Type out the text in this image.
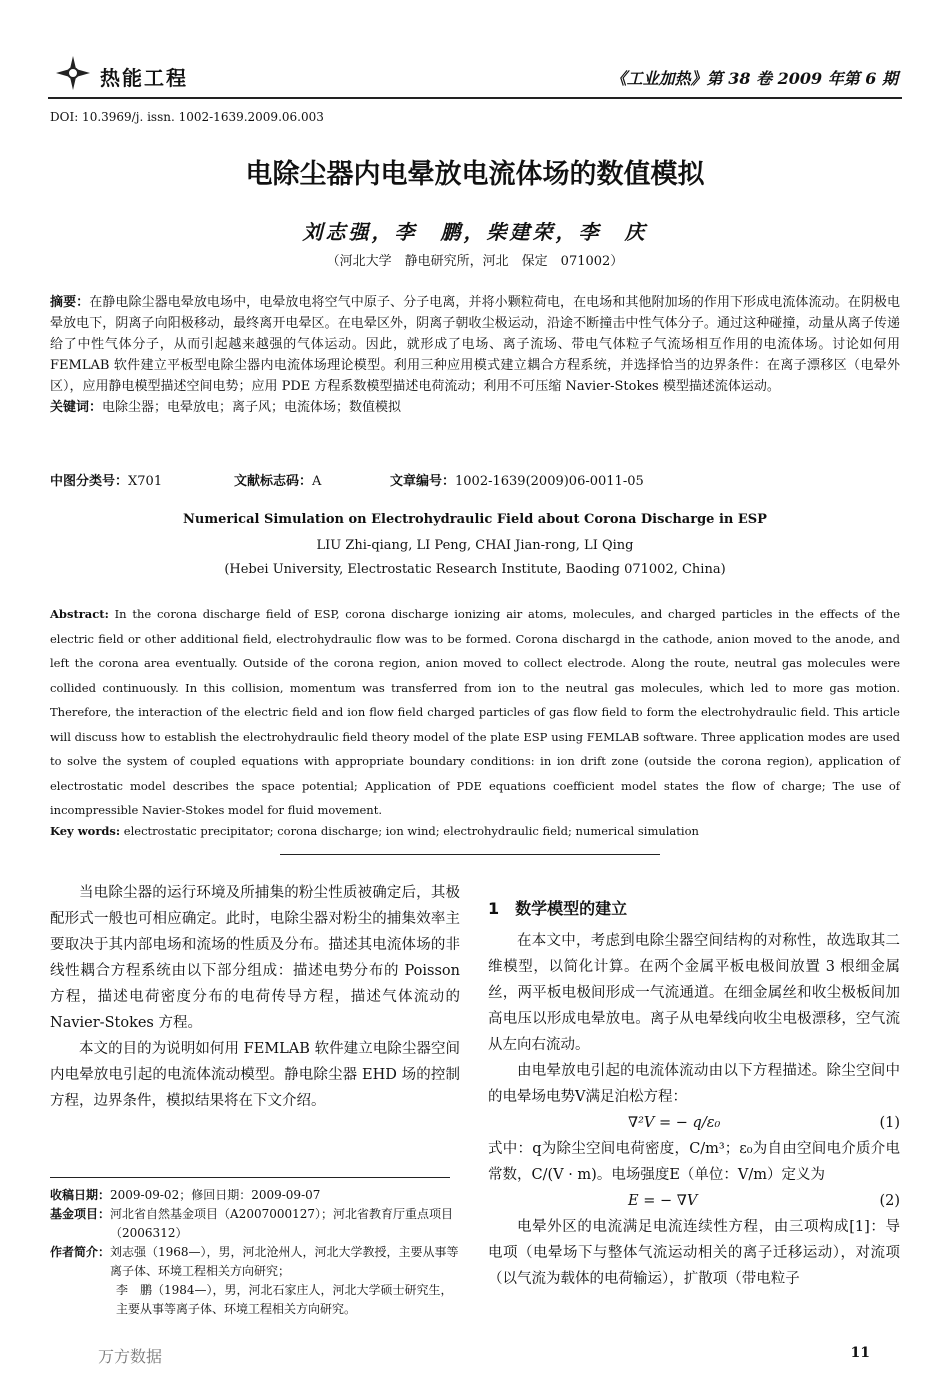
热能工程	《工业加热》第 38 卷 2009 年第 6 期
DOI: 10.3969/j. issn. 1002-1639.2009.06.003
电除尘器内电晕放电流体场的数值模拟
刘志强，李　鹏，柴建荣，李　庆
（河北大学　静电研究所，河北　保定　071002）
摘要：在静电除尘器电晕放电场中，电晕放电将空气中原子、分子电离，并将小颗粒荷电，在电场和其他附加场的作用下形成电流体流动。在阴极电晕放电下，阴离子向阳极移动，最终离开电晕区。在电晕区外，阴离子朝收尘极运动，沿途不断撞击中性气体分子。通过这种碰撞，动量从离子传递给了中性气体分子，从而引起越来越强的气体运动。因此，就形成了电场、离子流场、带电气体粒子气流场相互作用的电流体场。讨论如何用 FEMLAB 软件建立平板型电除尘器内电流体场理论模型。利用三种应用模式建立耦合方程系统，并选择恰当的边界条件：在离子漂移区（电晕外区），应用静电模型描述空间电势；应用 PDE 方程系数模型描述电荷流动；利用不可压缩 Navier-Stokes 模型描述流体运动。
关键词：电除尘器；电晕放电；离子风；电流体场；数值模拟
中图分类号：X701	文献标志码：A	文章编号：1002-1639(2009)06-0011-05
Numerical Simulation on Electrohydraulic Field about Corona Discharge in ESP
LIU Zhi-qiang, LI Peng, CHAI Jian-rong, LI Qing
(Hebei University, Electrostatic Research Institute, Baoding 071002, China)
Abstract: In the corona discharge field of ESP, corona discharge ionizing air atoms, molecules, and charged particles in the effects of the electric field or other additional field, electrohydraulic flow was to be formed. Corona dischargd in the cathode, anion moved to the anode, and left the corona area eventually. Outside of the corona region, anion moved to collect electrode. Along the route, neutral gas molecules were collided continuously. In this collision, momentum was transferred from ion to the neutral gas molecules, which led to more gas motion. Therefore, the interaction of the electric field and ion flow field charged particles of gas flow field to form the electrohydraulic field. This article will discuss how to establish the electrohydraulic field theory model of the plate ESP using FEMLAB software. Three application modes are used to solve the system of coupled equations with appropriate boundary conditions: in ion drift zone (outside the corona region), application of electrostatic model describes the space potential; Application of PDE equations coefficient model states the flow of charge; The use of incompressible Navier-Stokes model for fluid movement.
Key words: electrostatic precipitator; corona discharge; ion wind; electrohydraulic field; numerical simulation

当电除尘器的运行环境及所捕集的粉尘性质被确定后，其极配形式一般也可相应确定。此时，电除尘器对粉尘的捕集效率主要取决于其内部电场和流场的性质及分布。描述其电流体场的非线性耦合方程系统由以下部分组成：描述电势分布的 Poisson 方程，描述电荷密度分布的电荷传导方程，描述气体流动的 Navier-Stokes 方程。

本文的目的为说明如何用 FEMLAB 软件建立电除尘器空间内电晕放电引起的电流体流动模型。静电除尘器 EHD 场的控制方程，边界条件，模拟结果将在下文介绍。

收稿日期： 2009-09-02；修回日期：2009-09-07
基金项目： 河北省自然基金项目（A2007000127）；河北省教育厅重点项目（2006312）
作者简介： 刘志强（1968—），男，河北沧州人，河北大学教授，主要从事等离子体、环境工程相关方向研究；
李　鹏（1984—），男，河北石家庄人，河北大学硕士研究生，主要从事等离子体、环境工程相关方向研究。

1　数学模型的建立

在本文中，考虑到电除尘器空间结构的对称性，故选取其二维模型，以简化计算。在两个金属平板电极间放置 3 根细金属丝，两平板电极间形成一气流通道。在细金属丝和收尘极板间加高电压以形成电晕放电。离子从电晕线向收尘电极漂移，空气流从左向右流动。

由电晕放电引起的电流体流动由以下方程描述。除尘空间中的电晕场电势V满足泊松方程：

∇²V = − q/ε₀	(1)

式中：q为除尘空间电荷密度，C/m³；ε₀为自由空间电介质介电常数，C/(V · m)。电场强度E（单位：V/m）定义为

E = − ∇V	(2)

电晕外区的电流满足电流连续性方程，由三项构成[1]：导电项（电晕场下与整体气流运动相关的离子迁移运动），对流项（以气流为载体的电荷输运），扩散项（带电粒子

万方数据	11
